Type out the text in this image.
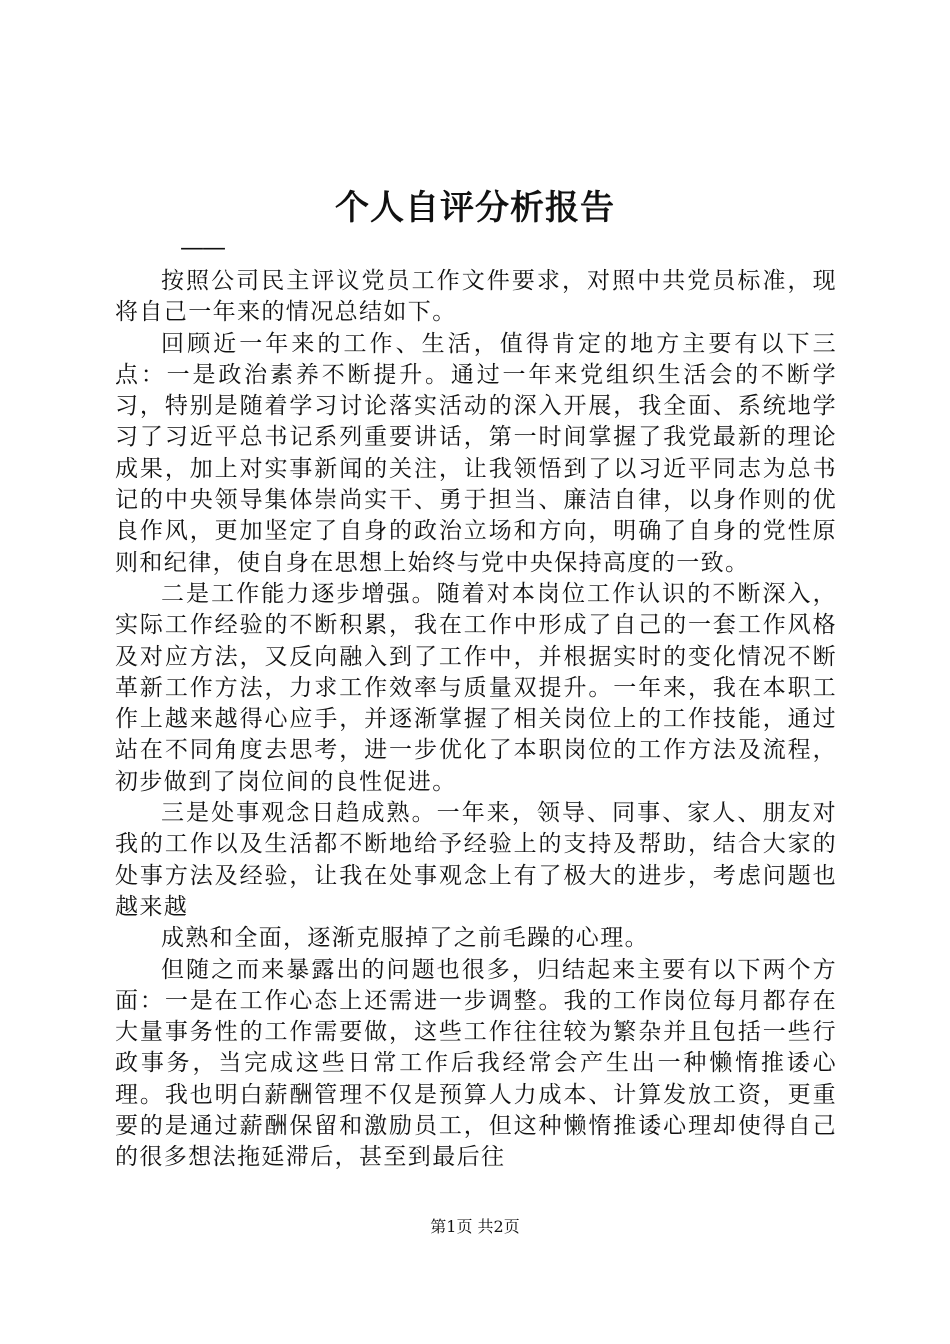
个人自评分析报告
——

按照公司民主评议党员工作文件要求，对照中共党员标准，现将自己一年来的情况总结如下。

回顾近一年来的工作、生活，值得肯定的地方主要有以下三点：一是政治素养不断提升。通过一年来党组织生活会的不断学习，特别是随着学习讨论落实活动的深入开展，我全面、系统地学习了习近平总书记系列重要讲话，第一时间掌握了我党最新的理论成果，加上对实事新闻的关注，让我领悟到了以习近平同志为总书记的中央领导集体崇尚实干、勇于担当、廉洁自律，以身作则的优良作风，更加坚定了自身的政治立场和方向，明确了自身的党性原则和纪律，使自身在思想上始终与党中央保持高度的一致。

二是工作能力逐步增强。随着对本岗位工作认识的不断深入，实际工作经验的不断积累，我在工作中形成了自己的一套工作风格及对应方法，又反向融入到了工作中，并根据实时的变化情况不断革新工作方法，力求工作效率与质量双提升。一年来，我在本职工作上越来越得心应手，并逐渐掌握了相关岗位上的工作技能，通过站在不同角度去思考，进一步优化了本职岗位的工作方法及流程，初步做到了岗位间的良性促进。

三是处事观念日趋成熟。一年来，领导、同事、家人、朋友对我的工作以及生活都不断地给予经验上的支持及帮助，结合大家的处事方法及经验，让我在处事观念上有了极大的进步，考虑问题也越来越

成熟和全面，逐渐克服掉了之前毛躁的心理。

但随之而来暴露出的问题也很多，归结起来主要有以下两个方面：一是在工作心态上还需进一步调整。我的工作岗位每月都存在大量事务性的工作需要做，这些工作往往较为繁杂并且包括一些行政事务，当完成这些日常工作后我经常会产生出一种懒惰推诿心理。我也明白薪酬管理不仅是预算人力成本、计算发放工资，更重要的是通过薪酬保留和激励员工，但这种懒惰推诿心理却使得自己的很多想法拖延滞后，甚至到最后往

第1页 共2页
